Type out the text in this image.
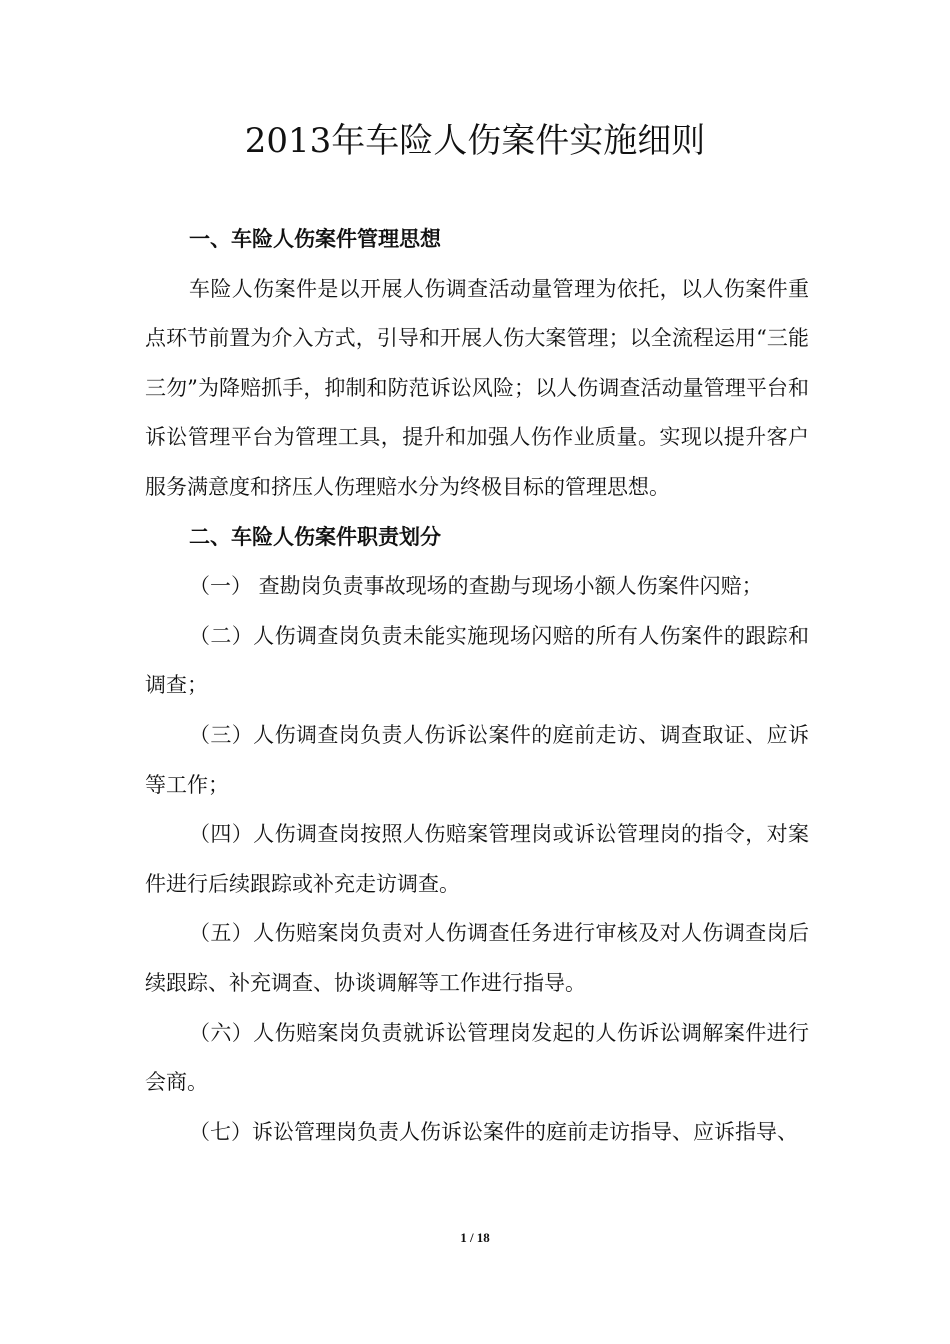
2013年车险人伤案件实施细则
一、车险人伤案件管理思想

车险人伤案件是以开展人伤调查活动量管理为依托，以人伤案件重点环节前置为介入方式，引导和开展人伤大案管理；以全流程运用“三能三勿”为降赔抓手，抑制和防范诉讼风险；以人伤调查活动量管理平台和诉讼管理平台为管理工具，提升和加强人伤作业质量。实现以提升客户服务满意度和挤压人伤理赔水分为终极目标的管理思想。

二、车险人伤案件职责划分

（一） 查勘岗负责事故现场的查勘与现场小额人伤案件闪赔；

（二）人伤调查岗负责未能实施现场闪赔的所有人伤案件的跟踪和调查；

（三）人伤调查岗负责人伤诉讼案件的庭前走访、调查取证、应诉等工作；

（四）人伤调查岗按照人伤赔案管理岗或诉讼管理岗的指令，对案件进行后续跟踪或补充走访调查。

（五）人伤赔案岗负责对人伤调查任务进行审核及对人伤调查岗后续跟踪、补充调查、协谈调解等工作进行指导。

（六）人伤赔案岗负责就诉讼管理岗发起的人伤诉讼调解案件进行会商。

（七）诉讼管理岗负责人伤诉讼案件的庭前走访指导、应诉指导、

1 / 18
